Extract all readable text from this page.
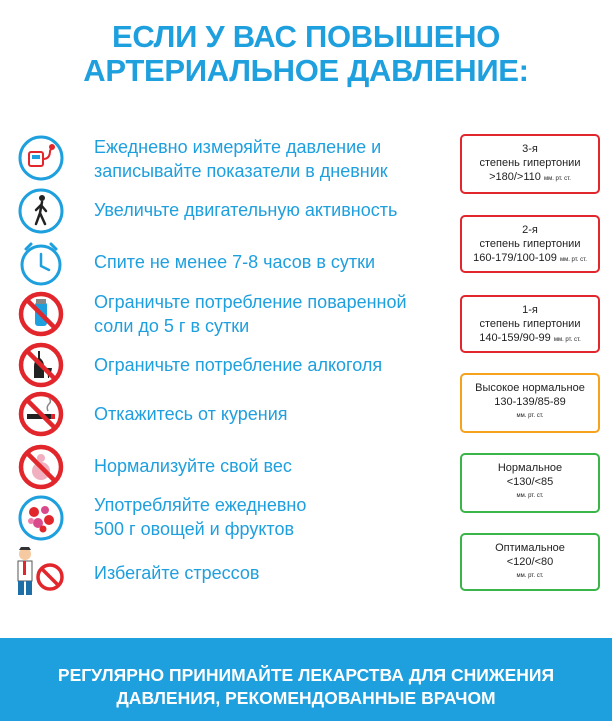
ЕСЛИ У ВАС ПОВЫШЕНО
АРТЕРИАЛЬНОЕ ДАВЛЕНИЕ:
Ежедневно измеряйте давление и
записывайте показатели в дневник
Увеличьте двигательную активность
Спите не менее 7-8 часов в сутки
Ограничьте потребление поваренной
соли до 5 г в сутки
Ограничьте потребление алкоголя
Откажитесь от курения
Нормализуйте свой вес
Употребляйте ежедневно
500 г овощей и фруктов
Избегайте стрессов
3-я
степень гипертонии
>180/>110 мм. рт. ст.
2-я
степень гипертонии
160-179/100-109 мм. рт. ст.
1-я
степень гипертонии
140-159/90-99 мм. рт. ст.
Высокое нормальное
130-139/85-89
мм. рт. ст.
Нормальное
<130/<85
мм. рт. ст.
Оптимальное
<120/<80
мм. рт. ст.
РЕГУЛЯРНО ПРИНИМАЙТЕ ЛЕКАРСТВА ДЛЯ СНИЖЕНИЯ
ДАВЛЕНИЯ, РЕКОМЕНДОВАННЫЕ ВРАЧОМ
